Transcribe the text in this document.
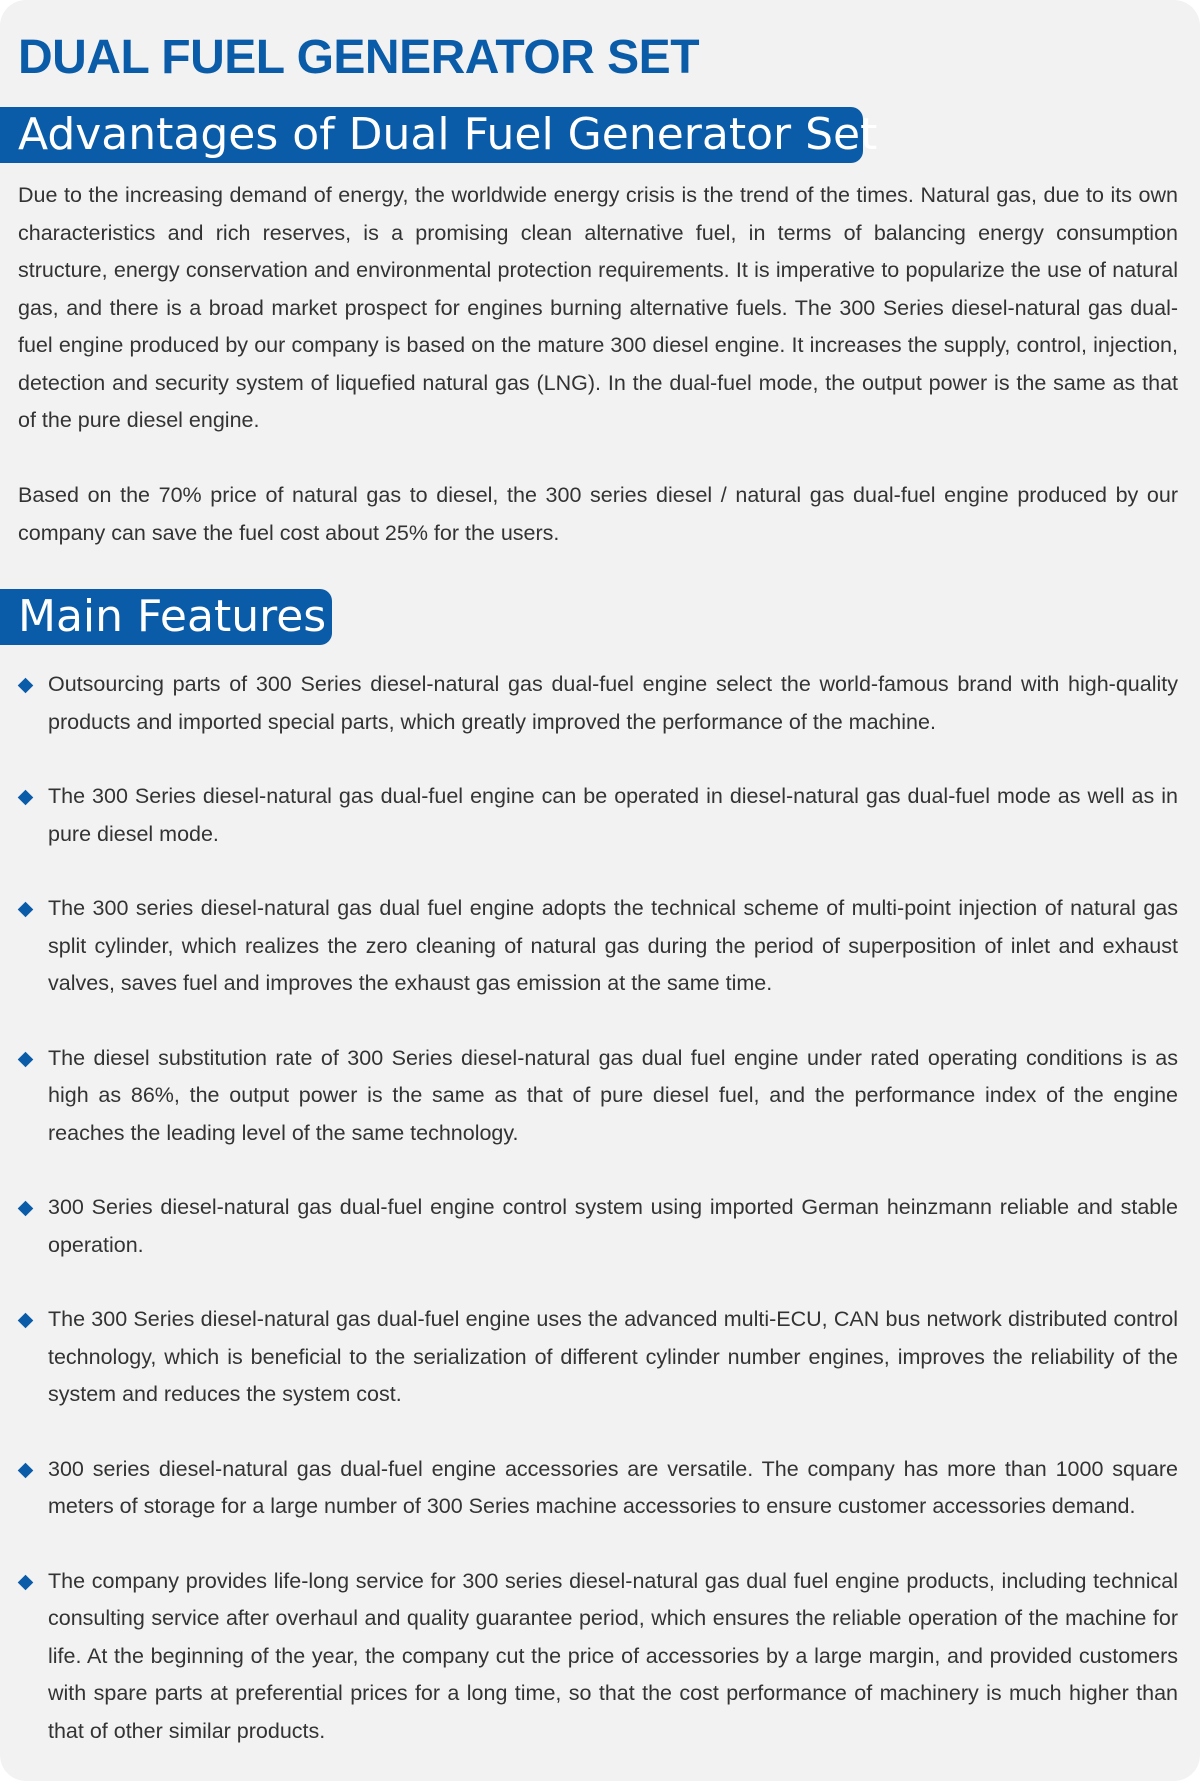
DUAL FUEL GENERATOR SET
Advantages of Dual Fuel Generator Set

Due to the increasing demand of energy, the worldwide energy crisis is the trend of the times. Natural gas, due to its own characteristics and rich reserves, is a promising clean alternative fuel, in terms of balancing energy consumption structure, energy conservation and environmental protection requirements. It is imperative to popularize the use of natural gas, and there is a broad market prospect for engines burning alternative fuels. The 300 Series diesel-natural gas dual-fuel engine produced by our company is based on the mature 300 diesel engine. It increases the supply, control, injection, detection and security system of liquefied natural gas (LNG). In the dual-fuel mode, the output power is the same as that of the pure diesel engine.

Based on the 70% price of natural gas to diesel, the 300 series diesel / natural gas dual-fuel engine produced by our company can save the fuel cost about 25% for the users.

Main Features
Outsourcing parts of 300 Series diesel-natural gas dual-fuel engine select the world-famous brand with high-quality products and imported special parts, which greatly improved the performance of the machine.
The 300 Series diesel-natural gas dual-fuel engine can be operated in diesel-natural gas dual-fuel mode as well as in pure diesel mode.
The 300 series diesel-natural gas dual fuel engine adopts the technical scheme of multi-point injection of natural gas split cylinder, which realizes the zero cleaning of natural gas during the period of superposition of inlet and exhaust valves, saves fuel and improves the exhaust gas emission at the same time.
The diesel substitution rate of 300 Series diesel-natural gas dual fuel engine under rated operating conditions is as high as 86%, the output power is the same as that of pure diesel fuel, and the performance index of the engine reaches the leading level of the same technology.
300 Series diesel-natural gas dual-fuel engine control system using imported German heinzmann reliable and stable operation.
The 300 Series diesel-natural gas dual-fuel engine uses the advanced multi-ECU, CAN bus network distributed control technology, which is beneficial to the serialization of different cylinder number engines, improves the reliability of the system and reduces the system cost.
300 series diesel-natural gas dual-fuel engine accessories are versatile. The company has more than 1000 square meters of storage for a large number of 300 Series machine accessories to ensure customer accessories demand.
The company provides life-long service for 300 series diesel-natural gas dual fuel engine products, including technical consulting service after overhaul and quality guarantee period, which ensures the reliable operation of the machine for life. At the beginning of the year, the company cut the price of accessories by a large margin, and provided customers with spare parts at preferential prices for a long time, so that the cost performance of machinery is much higher than that of other similar products.
